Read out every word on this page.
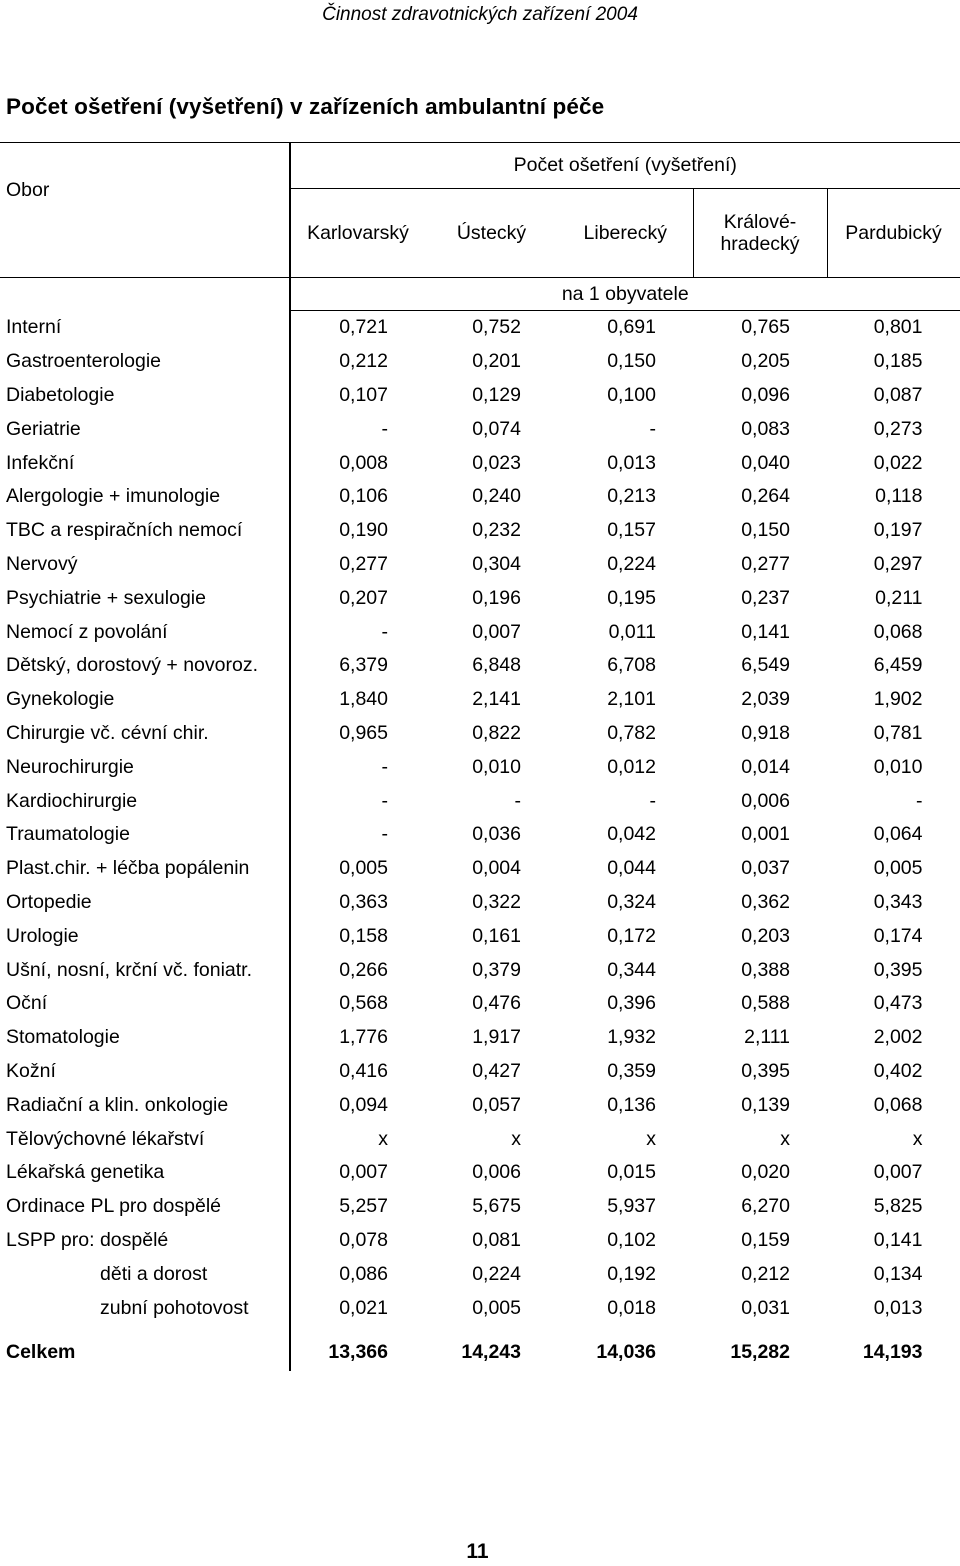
Činnost zdravotnických zařízení 2004
Počet ošetření (vyšetření) v zařízeních ambulantní péče
Obor	Počet ošetření (vyšetření)				
	Karlovarský	Ústecký	Liberecký	Králové-
hradecký	Pardubický
	na 1 obyvatele				
Interní	0,721	0,752	0,691	0,765	0,801
Gastroenterologie	0,212	0,201	0,150	0,205	0,185
Diabetologie	0,107	0,129	0,100	0,096	0,087
Geriatrie	-	0,074	-	0,083	0,273
Infekční	0,008	0,023	0,013	0,040	0,022
Alergologie + imunologie	0,106	0,240	0,213	0,264	0,118
TBC a respiračních nemocí	0,190	0,232	0,157	0,150	0,197
Nervový	0,277	0,304	0,224	0,277	0,297
Psychiatrie + sexulogie	0,207	0,196	0,195	0,237	0,211
Nemocí z povolání	-	0,007	0,011	0,141	0,068
Dětský, dorostový + novoroz.	6,379	6,848	6,708	6,549	6,459
Gynekologie	1,840	2,141	2,101	2,039	1,902
Chirurgie vč. cévní chir.	0,965	0,822	0,782	0,918	0,781
Neurochirurgie	-	0,010	0,012	0,014	0,010
Kardiochirurgie	-	-	-	0,006	-
Traumatologie	-	0,036	0,042	0,001	0,064
Plast.chir. + léčba popálenin	0,005	0,004	0,044	0,037	0,005
Ortopedie	0,363	0,322	0,324	0,362	0,343
Urologie	0,158	0,161	0,172	0,203	0,174
Ušní, nosní, krční vč. foniatr.	0,266	0,379	0,344	0,388	0,395
Oční	0,568	0,476	0,396	0,588	0,473
Stomatologie	1,776	1,917	1,932	2,111	2,002
Kožní	0,416	0,427	0,359	0,395	0,402
Radiační a klin. onkologie	0,094	0,057	0,136	0,139	0,068
Tělovýchovné lékařství	x	x	x	x	x
Lékařská genetika	0,007	0,006	0,015	0,020	0,007
Ordinace PL pro dospělé	5,257	5,675	5,937	6,270	5,825
LSPP pro: dospělé	0,078	0,081	0,102	0,159	0,141
děti a dorost	0,086	0,224	0,192	0,212	0,134
zubní pohotovost	0,021	0,005	0,018	0,031	0,013

Celkem	13,366	14,243	14,036	15,282	14,193
11
